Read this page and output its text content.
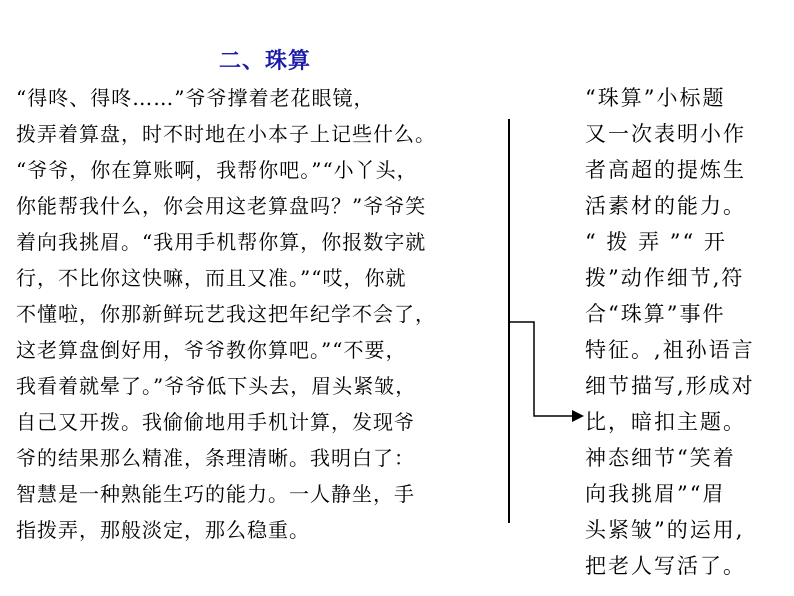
二、珠算
“得咚、得咚……”爷爷撑着老花眼镜，
拨弄着算盘，时不时地在小本子上记些什么。
“爷爷，你在算账啊，我帮你吧。”“小丫头，
你能帮我什么，你会用这老算盘吗？”爷爷笑
着向我挑眉。“我用手机帮你算，你报数字就
行，不比你这快嘛，而且又准。”“哎，你就
不懂啦，你那新鲜玩艺我这把年纪学不会了，
这老算盘倒好用，爷爷教你算吧。”“不要，
我看着就晕了。”爷爷低下头去，眉头紧皱，
自己又开拨。我偷偷地用手机计算，发现爷
爷的结果那么精准，条理清晰。我明白了：
智慧是一种熟能生巧的能力。一人静坐，手
指拨弄，那般淡定，那么稳重。
“珠算”小标题
又一次表明小作
者高超的提炼生
活素材的能力。
“ 拨 弄 ”“ 开
拨”动作细节,符
合“珠算”事件
特征。,祖孙语言
细节描写,形成对
比，暗扣主题。
神态细节“笑着
向我挑眉”“眉
头紧皱”的运用,
把老人写活了。
